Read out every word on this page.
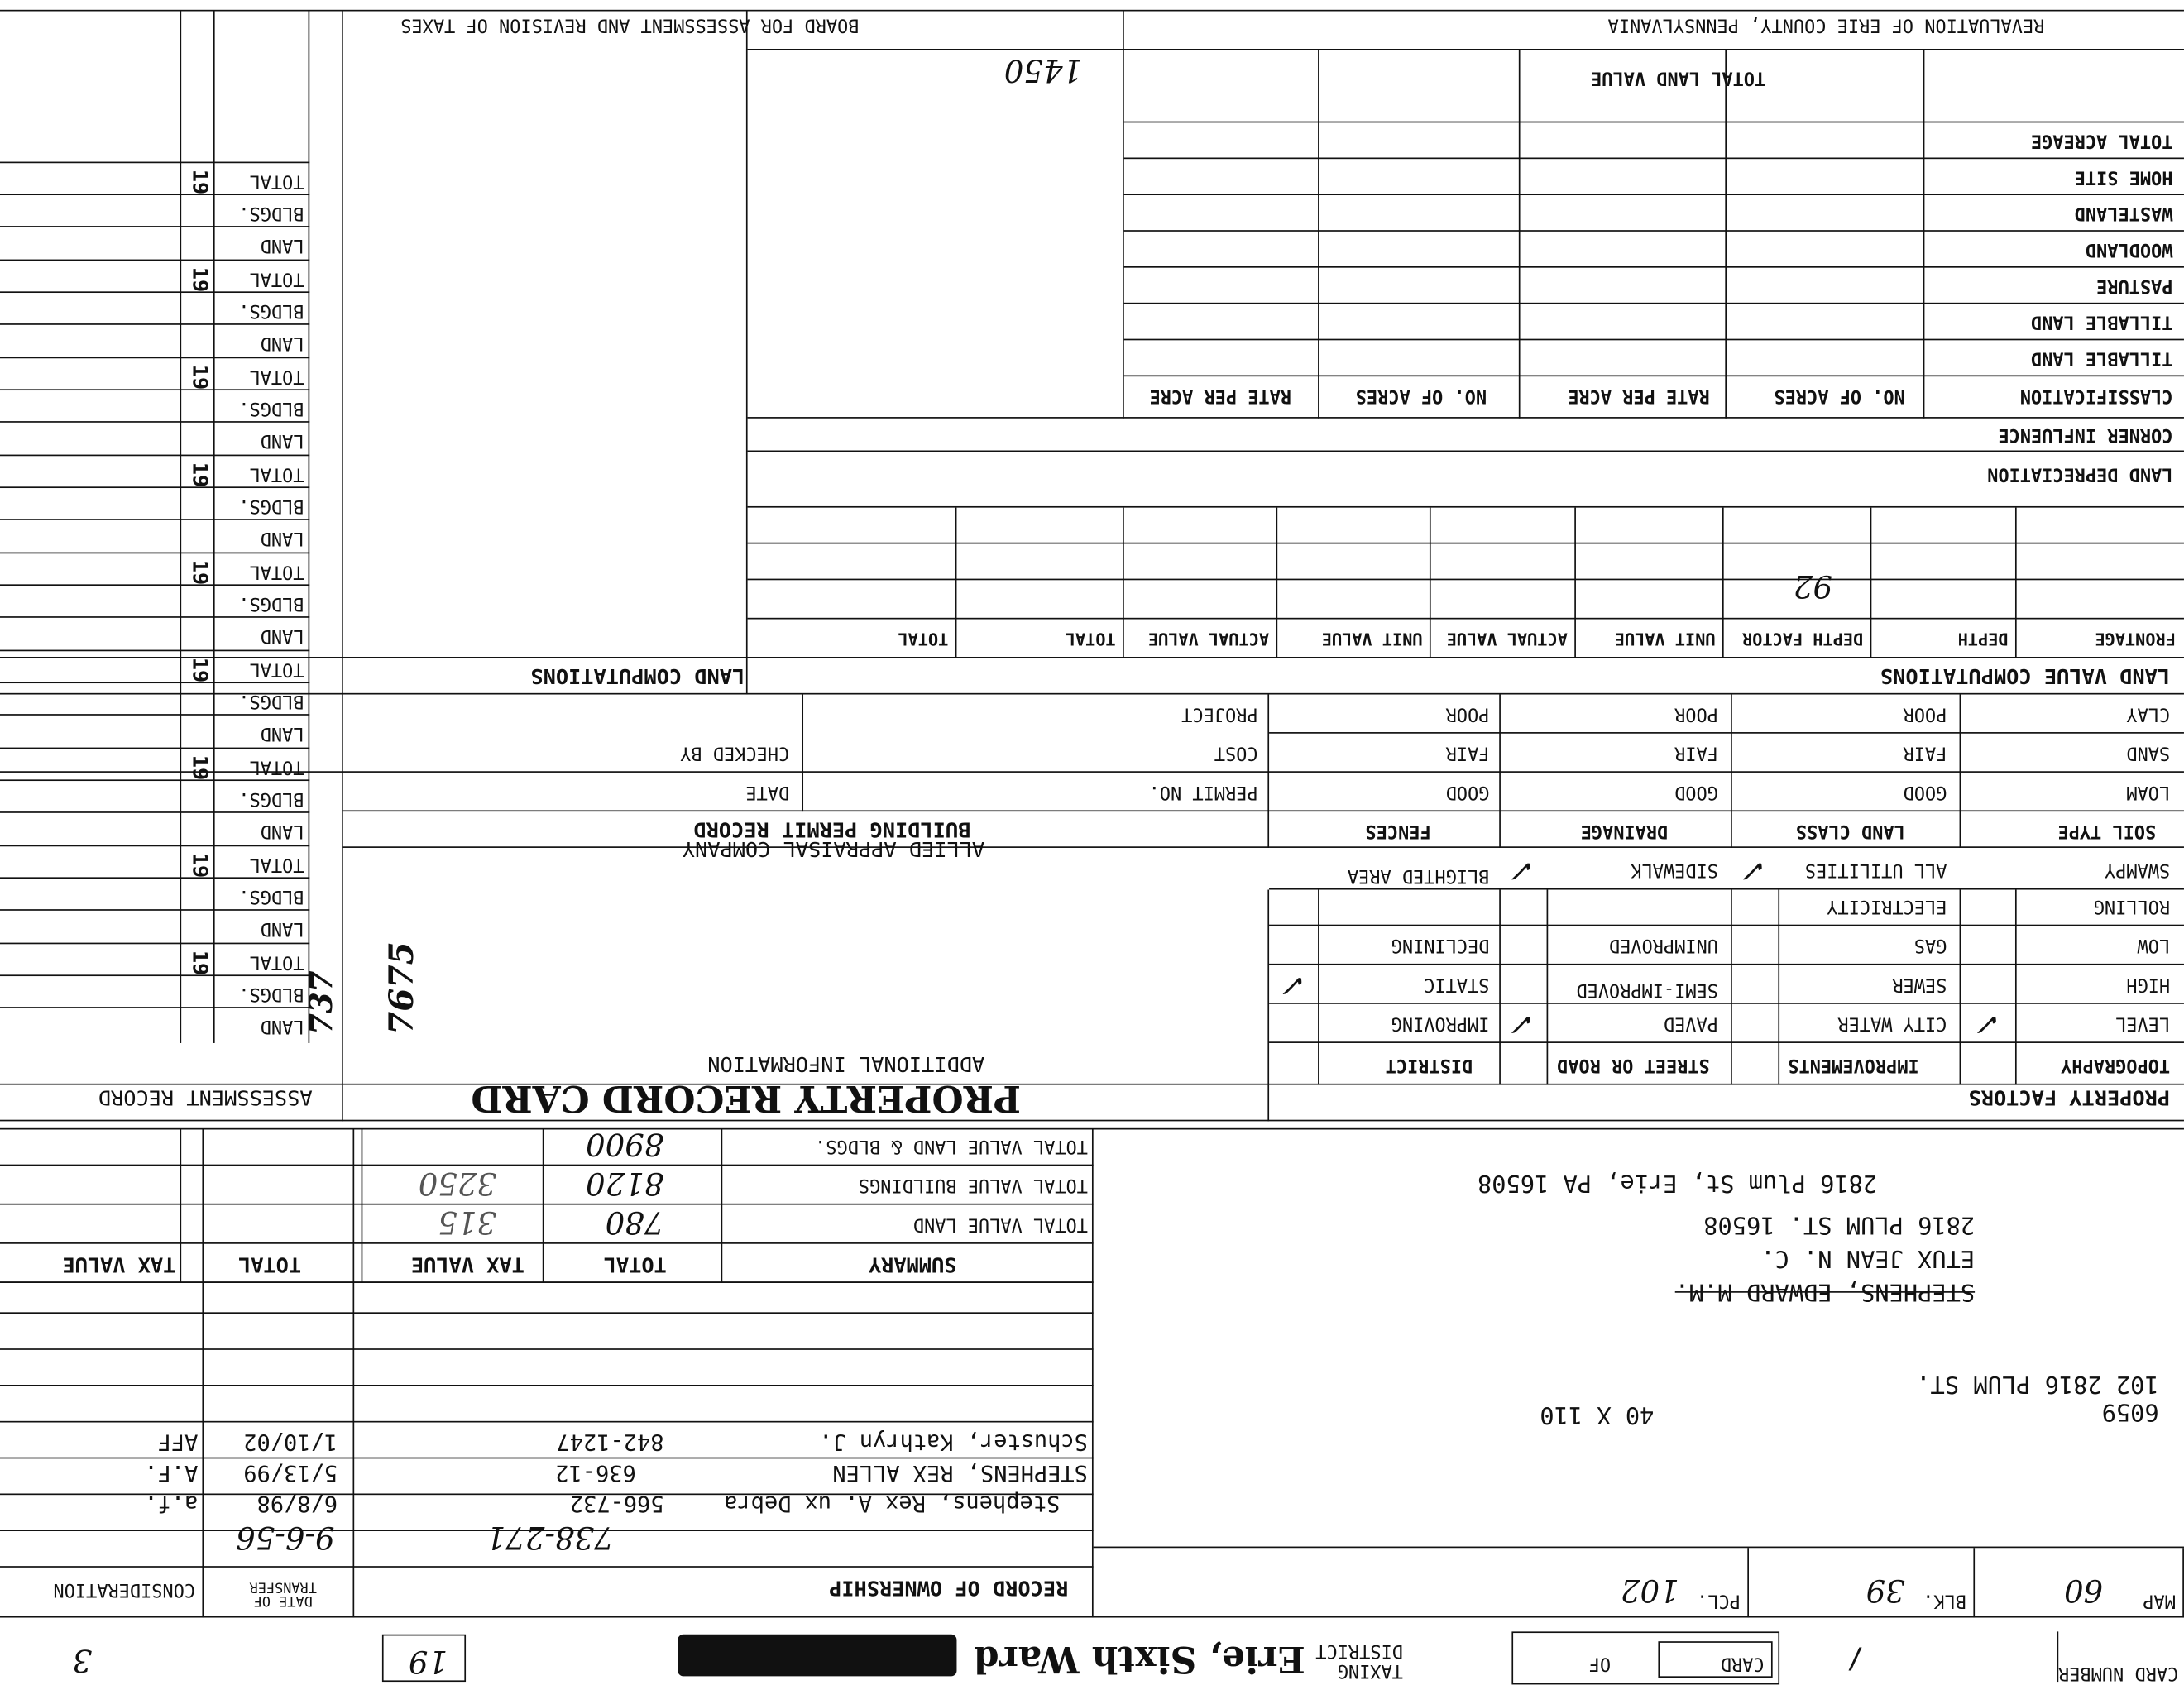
CARD NUMBER
/
CARD
OF
TAXING DISTRICT
Erie, Sixth Ward
19
3
MAP
60
BLK.
39
PCL.
102
6059
102 2816 PLUM ST.
40 X 110
STEPHENS, EDWARD M.M.
ETUX JEAN N. C.
2816 PLUM ST. 16508
2816 Plum St, Erie, PA 16508
RECORD OF OWNERSHIP
DATE OF TRANSFER
CONSIDERATION
Schuster, Kathryn J.
842-1247
1/10/02
AFF
STEPHENS, REX ALLEN
636-12
5/13/99
A.F.
Stephens, Rex A. ux Debra
566-732
6/8/98
a.f.
738-271
9-6-56
SUMMARY
TOTAL
TAX VALUE
TOTAL
TAX VALUE
TOTAL VALUE LAND
780
315
TOTAL VALUE BUILDINGS
8120
3250
TOTAL VALUE LAND & BLDGS.
8900
PROPERTY FACTORS
PROPERTY RECORD CARD
ASSESSMENT RECORD
TOPOGRAPHY
IMPROVEMENTS
STREET OR ROAD
DISTRICT
LEVEL
HIGH
LOW
ROLLING
SWAMPY
✓
CITY WATER
SEWER
GAS
ELECTRICITY
ALL UTILITIES
✓
PAVED
SEMI-IMPROVED
UNIMPROVED
SIDEWALK
✓
✓
IMPROVING
STATIC
DECLINING
BLIGHTED AREA
✓
SOIL TYPE
LAND CLASS
DRAINAGE
FENCES
LOAM
SAND
CLAY
GOOD
FAIR
POOR
GOOD
FAIR
POOR
GOOD
FAIR
POOR
ADDITIONAL INFORMATION
ALLIED APPRAISAL COMPANY
BUILDING PERMIT RECORD
PERMIT NO.
DATE
COST
CHECKED BY
PROJECT
7675
737
LAND
BLDGS.
TOTAL
19
LAND
BLDGS.
TOTAL
19
LAND
BLDGS.
TOTAL
19
LAND
BLDGS.
TOTAL
19
LAND
BLDGS.
TOTAL
19
LAND
BLDGS.
TOTAL
19
LAND
BLDGS.
TOTAL
19
LAND
BLDGS.
TOTAL
19
LAND
BLDGS.
TOTAL
19
LAND VALUE COMPUTATIONS
LAND COMPUTATIONS
FRONTAGE
DEPTH
DEPTH FACTOR
UNIT VALUE
ACTUAL VALUE
UNIT VALUE
ACTUAL VALUE
TOTAL
TOTAL
92
LAND DEPRECIATION
CORNER INFLUENCE
CLASSIFICATION
NO. OF ACRES
RATE PER ACRE
NO. OF ACRES
RATE PER ACRE
TILLABLE LAND
TILLABLE LAND
PASTURE
WOODLAND
WASTELAND
HOME SITE
TOTAL ACREAGE
TOTAL LAND VALUE
1450
REVALUATION OF ERIE COUNTY, PENNSYLVANIA
BOARD FOR ASSESSMENT AND REVISION OF TAXES
